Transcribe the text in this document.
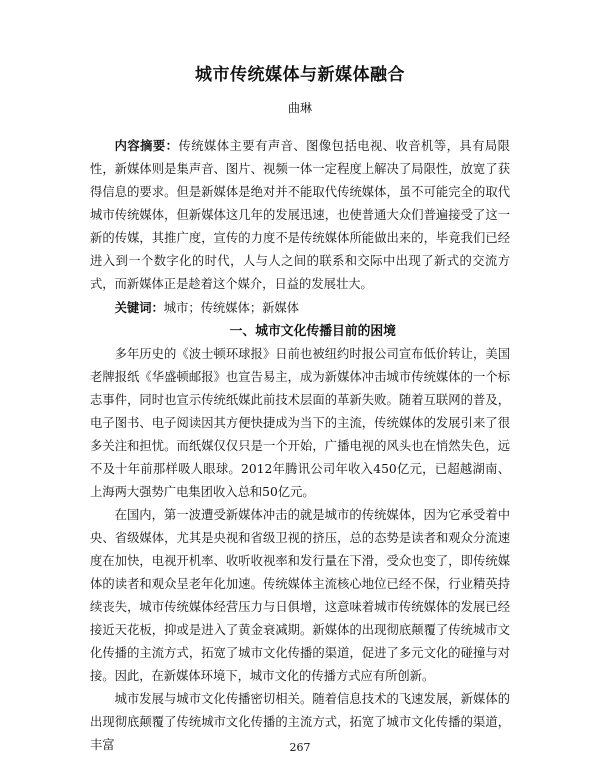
城市传统媒体与新媒体融合
曲琳

内容摘要：传统媒体主要有声音、图像包括电视、收音机等，具有局限性，新媒体则是集声音、图片、视频一体一定程度上解决了局限性，放宽了获得信息的要求。但是新媒体是绝对并不能取代传统媒体，虽不可能完全的取代城市传统媒体，但新媒体这几年的发展迅速，也使普通大众们普遍接受了这一新的传媒，其推广度，宣传的力度不是传统媒体所能做出来的，毕竟我们已经进入到一个数字化的时代，人与人之间的联系和交际中出现了新式的交流方式，而新媒体正是趁着这个媒介，日益的发展壮大。

关键词：城市；传统媒体；新媒体

一、城市文化传播目前的困境

多年历史的《波士顿环球报》日前也被纽约时报公司宣布低价转让，美国老牌报纸《华盛顿邮报》也宣告易主，成为新媒体冲击城市传统媒体的一个标志事件，同时也宣示传统纸媒此前技术层面的革新失败。随着互联网的普及，电子图书、电子阅读因其方便快捷成为当下的主流，传统媒体的发展引来了很多关注和担忧。而纸媒仅仅只是一个开始，广播电视的风头也在悄然失色，远不及十年前那样吸人眼球。2012年腾讯公司年收入450亿元，已超越湖南、上海两大强势广电集团收入总和50亿元。

在国内，第一波遭受新媒体冲击的就是城市的传统媒体，因为它承受着中央、省级媒体，尤其是央视和省级卫视的挤压，总的态势是读者和观众分流速度在加快，电视开机率、收听收视率和发行量在下滑，受众也变了，即传统媒体的读者和观众呈老年化加速。传统媒体主流核心地位已经不保，行业精英持续丧失，城市传统媒体经营压力与日俱增，这意味着城市传统媒体的发展已经接近天花板，抑或是进入了黄金衰减期。新媒体的出现彻底颠覆了传统城市文化传播的主流方式，拓宽了城市文化传播的渠道，促进了多元文化的碰撞与对接。因此，在新媒体环境下，城市文化的传播方式应有所创新。

城市发展与城市文化传播密切相关。随着信息技术的飞速发展，新媒体的出现彻底颠覆了传统城市文化传播的主流方式，拓宽了城市文化传播的渠道，丰富	267
